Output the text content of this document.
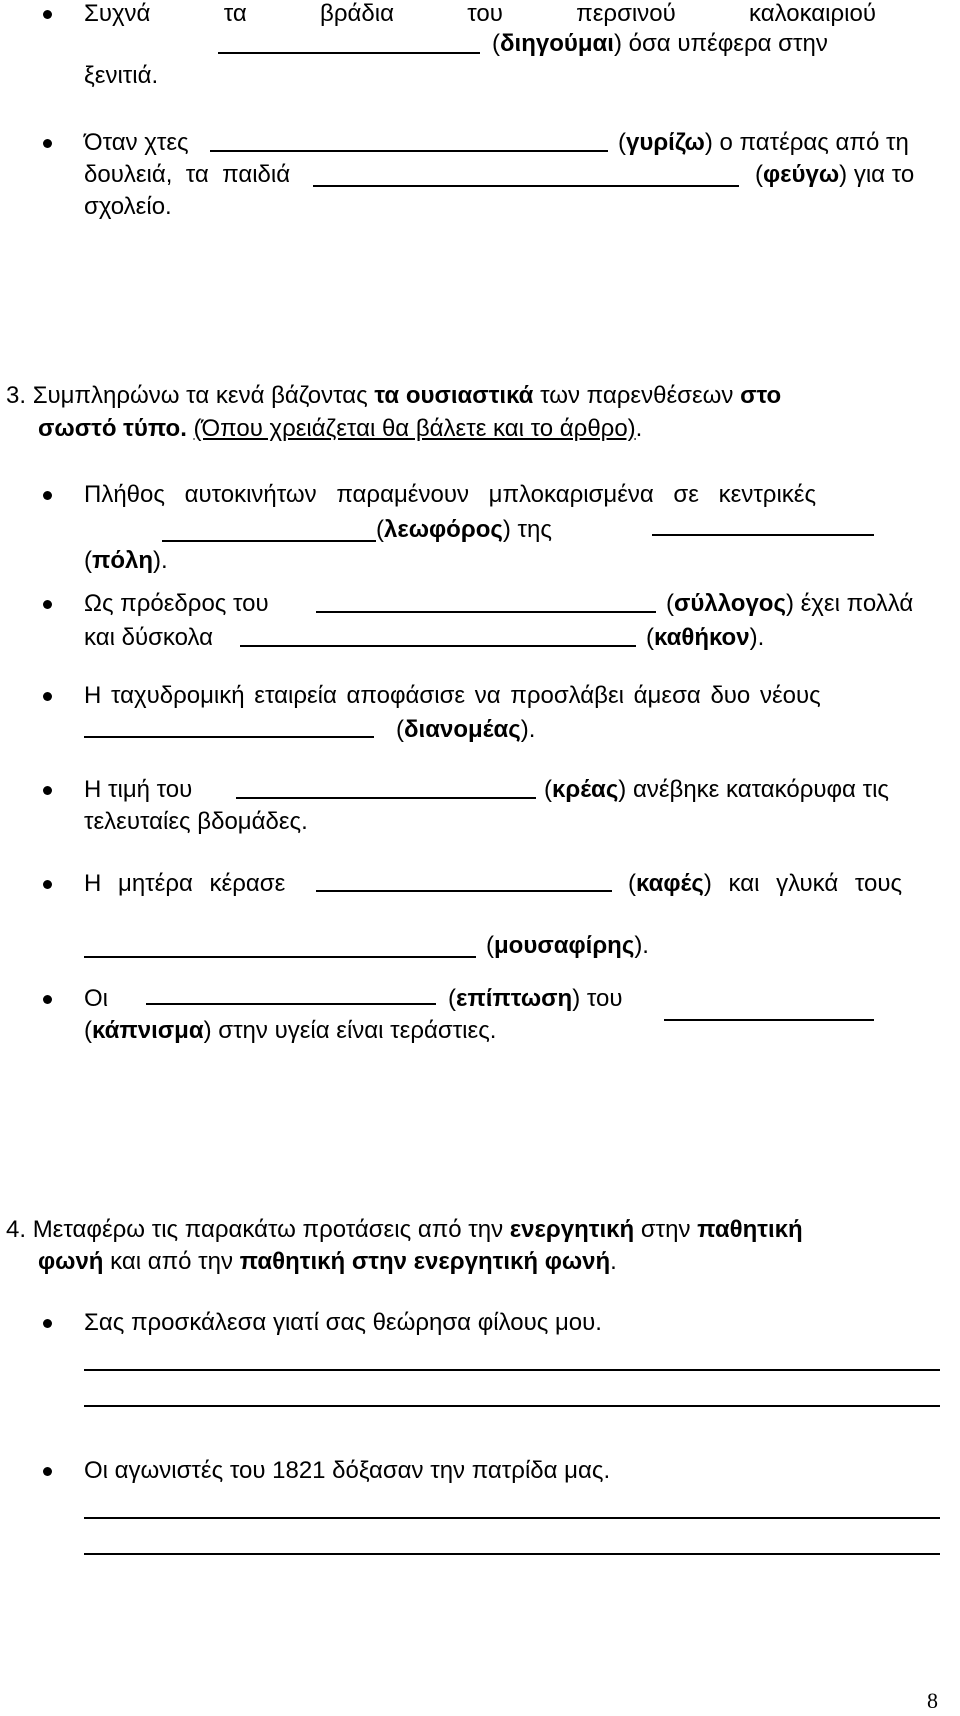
Συχνά	τα	βράδια	του	περσινού	καλοκαιριού
(διηγούμαι) όσα υπέφερα στην
ξενιτιά.
Όταν χτες	(γυρίζω) ο πατέρας από τη
δουλειά, τα παιδιά	(φεύγω) για το
σχολείο.
3. Συμπληρώνω τα κενά βάζοντας τα ουσιαστικά των παρενθέσεων στο
σωστό τύπο. (Όπου χρειάζεται θα βάλετε και το άρθρο).
Πλήθος αυτοκινήτων παραμένουν μπλοκαρισμένα σε κεντρικές
(λεωφόρος) της
(πόλη).
Ως πρόεδρος του	(σύλλογος) έχει πολλά
και δύσκολα	(καθήκον).
Η ταχυδρομική εταιρεία αποφάσισε να προσλάβει άμεσα δυο νέους
(διανομέας).
Η τιμή του	(κρέας) ανέβηκε κατακόρυφα τις
τελευταίες βδομάδες.
Η μητέρα κέρασε	(καφές) και γλυκά τους
(μουσαφίρης).
Οι	(επίπτωση) του
(κάπνισμα) στην υγεία είναι τεράστιες.
4. Μεταφέρω τις παρακάτω προτάσεις από την ενεργητική στην παθητική
φωνή και από την παθητική στην ενεργητική φωνή.
Σας προσκάλεσα γιατί σας θεώρησα φίλους μου.
Οι αγωνιστές του 1821 δόξασαν την πατρίδα μας.
8
